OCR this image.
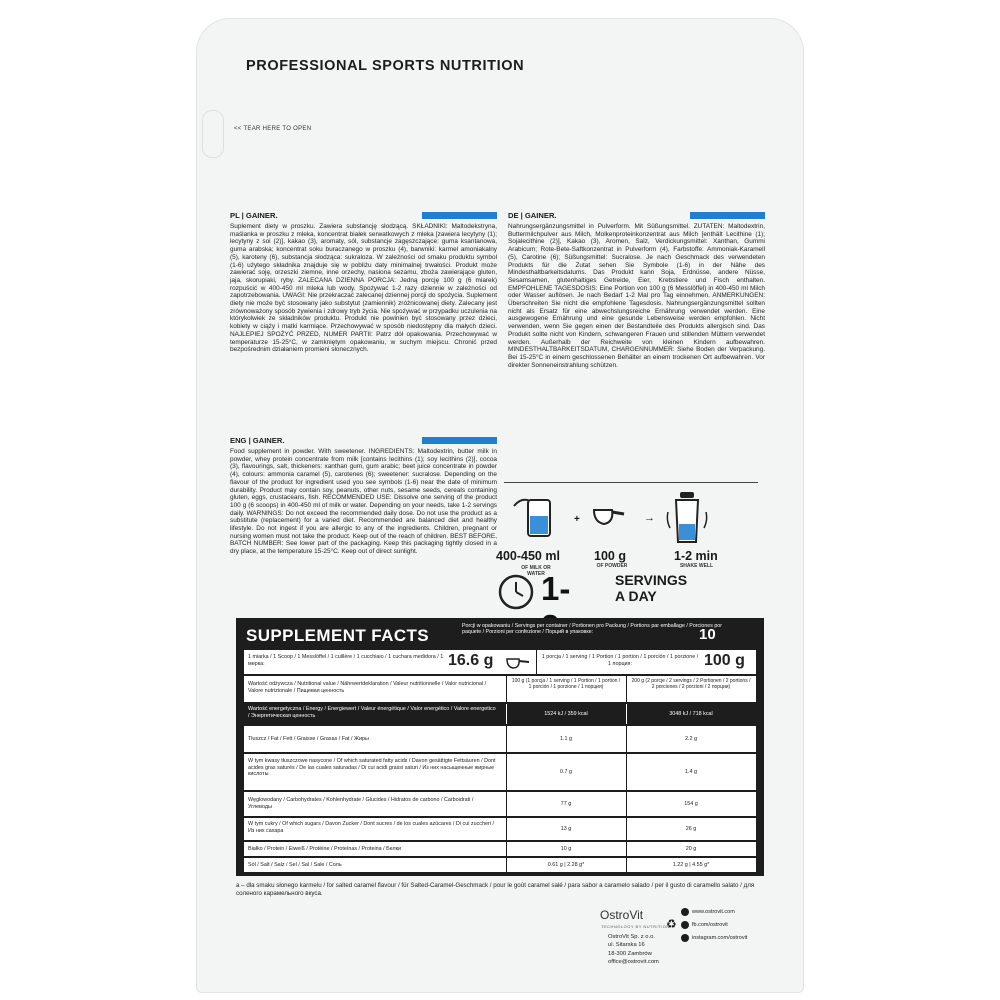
PROFESSIONAL SPORTS NUTRITION
<< TEAR HERE TO OPEN
PL | GAINER.
Suplement diety w proszku. Zawiera substancję słodzącą. SKŁADNIKI: Maltodekstryna, maślanka w proszku z mleka, koncentrat białek serwatkowych z mleka [zawiera lecytyny (1); lecytyny z soi (2)], kakao (3), aromaty, sól, substancje zagęszczające: guma ksantanowa, guma arabska; koncentrat soku buraczanego w proszku (4), barwniki: karmel amoniakalny (5), karoteny (6), substancja słodząca: sukraloza. W zależności od smaku produktu symbol (1-6) użytego składnika znajduje się w pobliżu daty minimalnej trwałości. Produkt może zawierać soję, orzeszki ziemne, inne orzechy, nasiona sezamu, zboża zawierające gluten, jaja, skorupiaki, ryby. ZALECANA DZIENNA PORCJA: Jedną porcję 100 g (6 miarek) rozpuścić w 400-450 ml mleka lub wody. Spożywać 1-2 razy dziennie w zależności od zapotrzebowania. UWAGI: Nie przekraczać zalecanej dziennej porcji do spożycia. Suplement diety nie może być stosowany jako substytut (zamiennik) zróżnicowanej diety. Zalecany jest zrównoważony sposób żywienia i zdrowy tryb życia. Nie spożywać w przypadku uczulenia na którykolwiek ze składników produktu. Produkt nie powinien być stosowany przez dzieci, kobiety w ciąży i matki karmiące. Przechowywać w sposób niedostępny dla małych dzieci. NAJLEPIEJ SPOŻYĆ PRZED, NUMER PARTII: Patrz dół opakowania. Przechowywać w temperaturze 15-25°C, w zamkniętym opakowaniu, w suchym miejscu. Chronić przed bezpośrednim działaniem promieni słonecznych.
DE | GAINER.
Nahrungsergänzungsmittel in Pulverform. Mit Süßungsmittel. ZUTATEN: Maltodextrin, Buttermilchpulver aus Milch, Molkenproteinkonzentrat aus Milch [enthält Lecithine (1); Sojalecithine (2)], Kakao (3), Aromen, Salz, Verdickungsmittel: Xanthan, Gummi Arabicum; Rote-Bete-Saftkonzentrat in Pulverform (4), Farbstoffe: Ammoniak-Karamell (5), Carotine (6); Süßungsmittel: Sucralose. Je nach Geschmack des verwendeten Produkts für die Zutat sehen Sie Symbole (1-6) in der Nähe des Mindesthaltbarkeitsdatums. Das Produkt kann Soja, Erdnüsse, andere Nüsse, Sesamsamen, glutenhaltiges Getreide, Eier, Krebstiere und Fisch enthalten. EMPFOHLENE TAGESDOSIS: Eine Portion von 100 g (6 Messlöffel) in 400-450 ml Milch oder Wasser auflösen. Je nach Bedarf 1-2 Mal pro Tag einnehmen. ANMERKUNGEN: Überschreiten Sie nicht die empfohlene Tagesdosis. Nahrungsergänzungsmittel sollten nicht als Ersatz für eine abwechslungsreiche Ernährung verwendet werden. Eine ausgewogene Ernährung und eine gesunde Lebensweise werden empfohlen. Nicht verwenden, wenn Sie gegen einen der Bestandteile des Produkts allergisch sind. Das Produkt sollte nicht von Kindern, schwangeren Frauen und stillenden Müttern verwendet werden. Außerhalb der Reichweite von kleinen Kindern aufbewahren. MINDESTHALTBARKEITSDATUM, CHARGENNUMMER: Siehe Boden der Verpackung. Bei 15-25°C in einem geschlossenen Behälter an einem trockenen Ort aufbewahren. Vor direkter Sonneneinstrahlung schützen.
ENG | GAINER.
Food supplement in powder. With sweetener. INGREDIENTS: Maltodextrin, butter milk in powder, whey protein concentrate from milk [contains lecithins (1); soy lecithins (2)], cocoa (3), flavourings, salt, thickeners: xanthan gum, gum arabic; beet juice concentrate in powder (4), colours: ammonia caramel (5), carotenes (6); sweetener: sucralose. Depending on the flavour of the product for ingredient used you see symbols (1-6) near the date of minimum durability. Product may contain soy, peanuts, other nuts, sesame seeds, cereals containing gluten, eggs, crustaceans, fish. RECOMMENDED USE: Dissolve one serving of the product 100 g (6 scoops) in 400-450 ml of milk or water. Depending on your needs, take 1-2 servings daily. WARNINGS: Do not exceed the recommended daily dose. Do not use the product as a substitute (replacement) for a varied diet. Recommended are balanced diet and healthy lifestyle. Do not ingest if you are allergic to any of the ingredients. Children, pregnant or nursing women must not take the product. Keep out of the reach of children. BEST BEFORE, BATCH NUMBER: See lower part of the packaging. Keep this packaging tightly closed in a dry place, at the temperature 15-25°C. Keep out of direct sunlight.	400-450 ml
OF MILK OR WATER
+
100 g
OF POWDER
→
1-2 min
SHAKE WELL
1-	SERVINGS
A DAY
SUPPLEMENT FACTS	Porcji w opakowaniu / Servings per container / Portionen pro Packung / Portions par emballage / Porciones por paquete / Porzioni per confezione / Порций в упаковке:	10
1 miarka / 1 Scoop / 1 Messlöffel / 1 cuillère / 1 cucchiaio / 1 cuchara medidora / 1 мерка:	16.6 g	1 porcja / 1 serving / 1 Portion / 1 portion / 1 porción / 1 porzione / 1 порция:	100 g
Wartość odżywcza / Nutritional value / Nährwertdeklaration / Valeur nutritionnelle / Valor nutricional / Valore nutrizionale / Пищевая ценность
100 g (1 porcja / 1 serving / 1 Portion / 1 portion / 1 porción / 1 porzione / 1 порция)
200 g (2 porcje / 2 servings / 2 Portionen / 2 portions / 2 porciones / 2 porzioni / 2 порции)
Wartość energetyczna / Energy / Energiewert / Valeur énergétique / Valor energético / Valore energetico / Энергетическая ценность	1524 kJ / 359 kcal	3048 kJ / 718 kcal
Tłuszcz / Fat / Fett / Graisse / Grasas / Fat / Жиры	1.1 g	2.2 g
W tym kwasy tłuszczowe nasycone / Of which saturated fatty acids / Davon gesättigte Fettsäuren / Dont acides gras saturés / De las cuales saturadas / Di cui acidi grassi saturi / Из них насыщенные жирные кислоты	0.7 g	1.4 g
Węglowodany / Carbohydrates / Kohlenhydrate / Glucides / Hidratos de carbono / Carboidrati / Углеводы	77 g	154 g
W tym cukry / Of which sugars / Davon Zucker / Dont sucres / de los cuales azúcares / Di cui zuccheri / Из них сахара	13 g	26 g
Białko / Protein / Eiweiß / Protéine / Proteínas / Proteina / Белки	10 g	20 g
Sól / Salt / Salz / Sel / Sal / Sale / Соль	0.61 g | 2.28 g*	1.22 g | 4.55 g*
a – dla smaku słonego karmelu / for salted caramel flavour / für Salted-Caramel-Geschmack / pour le goût caramel salé / para sabor a caramelo salado / per il gusto di caramello salato / для соленого карамельного вкуса.
OstroVit
TECHNOLOGY BY NUTRITION
OstroVit Sp. z o.o.
ul. Sitarska 16
18-300 Zambrów
office@ostrovit.com
♻
www.ostrovit.com
fb.com/ostrovit
instagram.com/ostrovit
